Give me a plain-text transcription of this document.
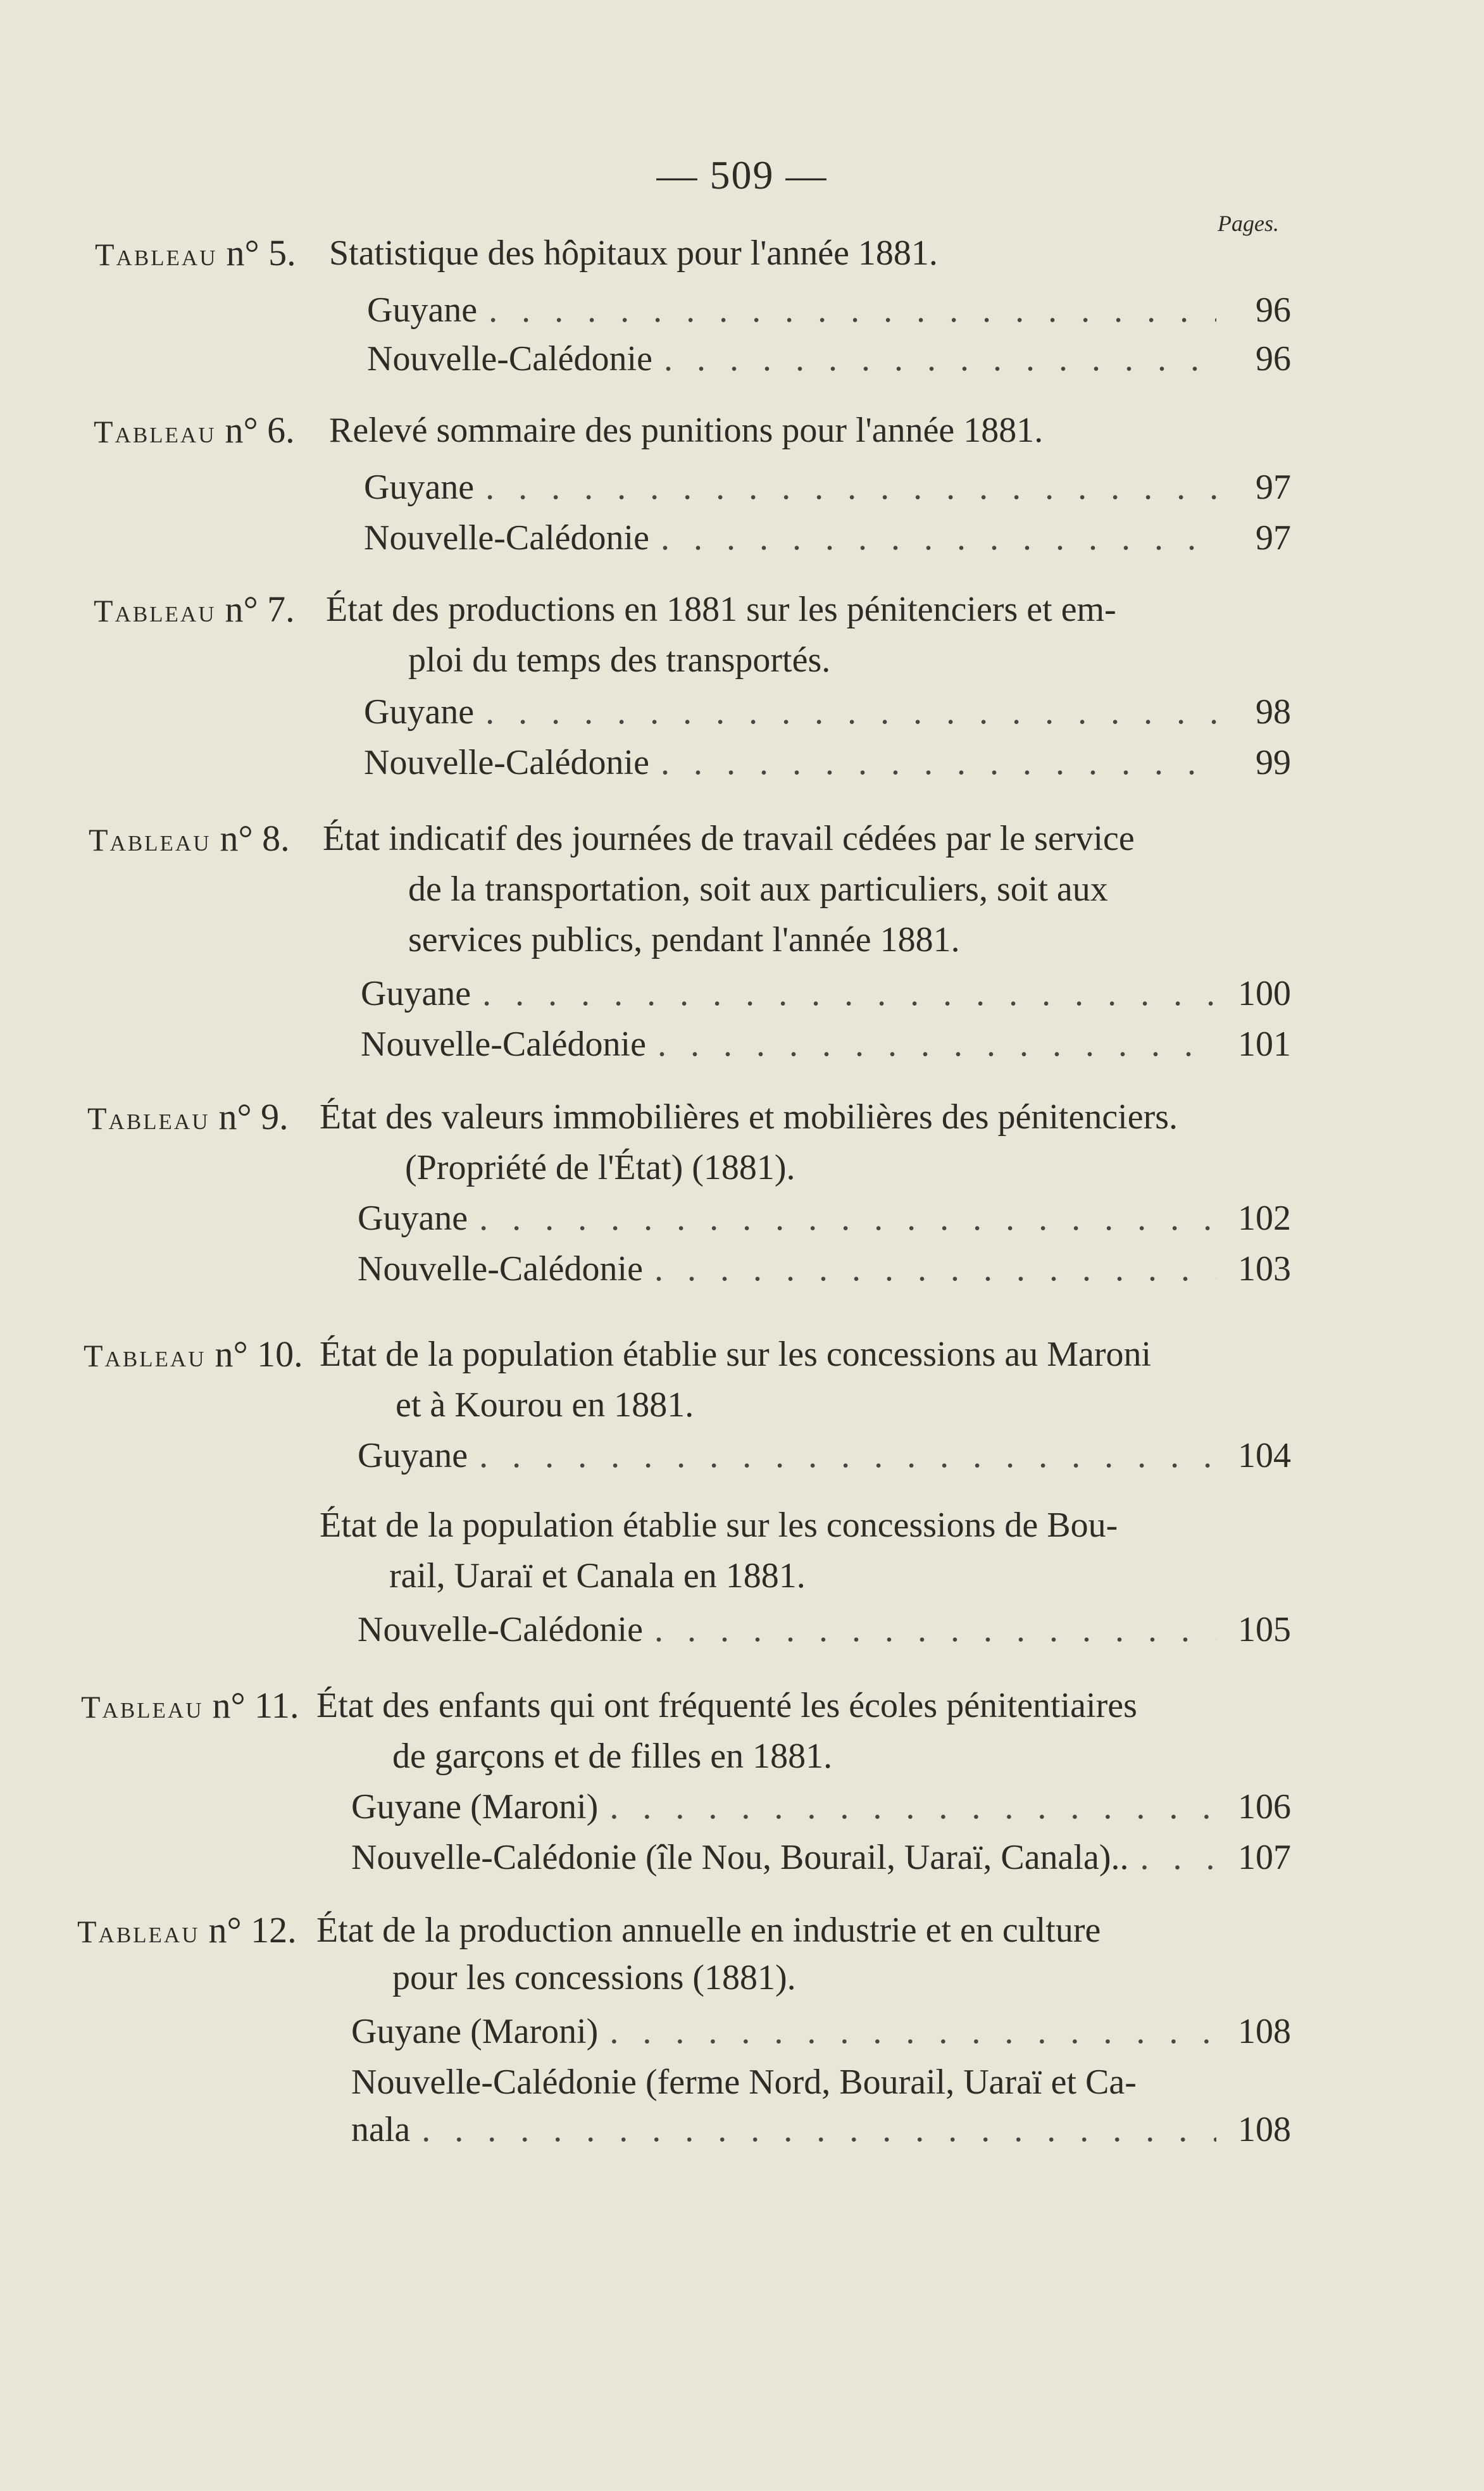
— 509 —
Pages.
Tableau n° 5. Statistique des hôpitaux pour l'année 1881.
Guyane . . .	96
Nouvelle-Calédonie . . .	96
Tableau n° 6. Relevé sommaire des punitions pour l'année 1881.
Guyane . . .	97
Nouvelle-Calédonie . . .	97
Tableau n° 7. État des productions en 1881 sur les pénitenciers et em-
ploi du temps des transportés.
Guyane . . .	98
Nouvelle-Calédonie . . .	99
Tableau n° 8. État indicatif des journées de travail cédées par le service
de la transportation, soit aux particuliers, soit aux
services publics, pendant l'année 1881.
Guyane . . .	100
Nouvelle-Calédonie . . .	101
Tableau n° 9. État des valeurs immobilières et mobilières des pénitenciers.
(Propriété de l'État) (1881).
Guyane . . .	102
Nouvelle-Calédonie . . .	103
Tableau n° 10. État de la population établie sur les concessions au Maroni
et à Kourou en 1881.
Guyane . . .	104
État de la population établie sur les concessions de Bou-
rail, Uaraï et Canala en 1881.
Nouvelle-Calédonie . . .	105
Tableau n° 11. État des enfants qui ont fréquenté les écoles pénitentiaires
de garçons et de filles en 1881.
Guyane (Maroni) . . .	106
Nouvelle-Calédonie (île Nou, Bourail, Uaraï, Canala).. . . .	107
Tableau n° 12. État de la production annuelle en industrie et en culture
pour les concessions (1881).
Guyane (Maroni) . . .	108
Nouvelle-Calédonie (ferme Nord, Bourail, Uaraï et Ca-
nala . . .	108
